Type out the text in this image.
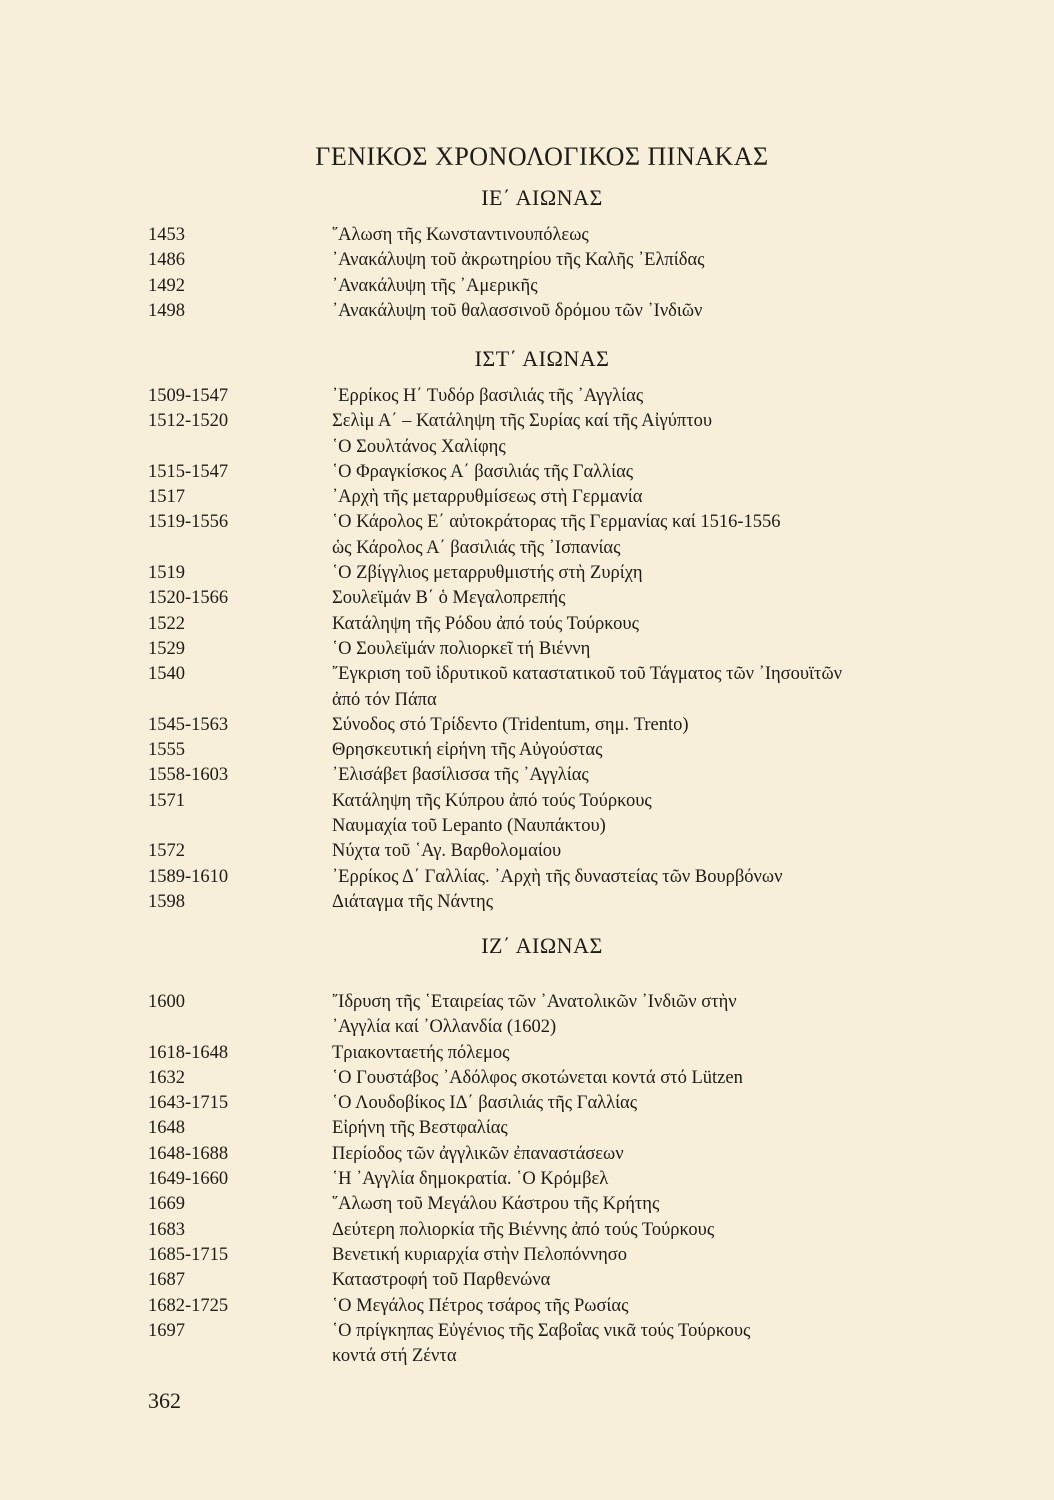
ΓΕΝΙΚΟΣ ΧΡΟΝΟΛΟΓΙΚΟΣ ΠΙΝΑΚΑΣ
ΙΕ΄ ΑΙΩΝΑΣ
1453	῞Αλωση τῆς Κωνσταντινουπόλεως
1486	᾿Ανακάλυψη τοῦ ἀκρωτηρίου τῆς Καλῆς ᾿Ελπίδας
1492	᾿Ανακάλυψη τῆς ᾿Αμερικῆς
1498	᾿Ανακάλυψη τοῦ θαλασσινοῦ δρόμου τῶν ᾿Ινδιῶν
ΙΣΤ΄ ΑΙΩΝΑΣ
1509-1547	᾿Ερρίκος Η΄ Τυδόρ βασιλιάς τῆς ᾿Αγγλίας
1512-1520	Σελὶμ Α΄ – Κατάληψη τῆς Συρίας καί τῆς Αἰγύπτου
῾Ο Σουλτάνος Χαλίφης
1515-1547	῾Ο Φραγκίσκος Α΄ βασιλιάς τῆς Γαλλίας
1517	᾿Αρχὴ τῆς μεταρρυθμίσεως στὴ Γερμανία
1519-1556	῾Ο Κάρολος Ε΄ αὐτοκράτορας τῆς Γερμανίας καί 1516-1556
ὡς Κάρολος Α΄ βασιλιάς τῆς ᾿Ισπανίας
1519	῾Ο Ζβίγγλιος μεταρρυθμιστής στὴ Ζυρίχη
1520-1566	Σουλεϊμάν Β΄ ὁ Μεγαλοπρεπής
1522	Κατάληψη τῆς Ρόδου ἀπό τούς Τούρκους
1529	῾Ο Σουλεϊμάν πολιορκεῖ τή Βιέννη
1540	῎Εγκριση τοῦ ἱδρυτικοῦ καταστατικοῦ τοῦ Τάγματος τῶν ᾿Ιησουϊτῶν
ἀπό τόν Πάπα
1545-1563	Σύνοδος στό Τρίδεντο (Tridentum, σημ. Trento)
1555	Θρησκευτική εἰρήνη τῆς Αὐγούστας
1558-1603	᾿Ελισάβετ βασίλισσα τῆς ᾿Αγγλίας
1571	Κατάληψη τῆς Κύπρου ἀπό τούς Τούρκους
Ναυμαχία τοῦ Lepanto (Ναυπάκτου)
1572	Νύχτα τοῦ ῾Αγ. Βαρθολομαίου
1589-1610	᾿Ερρίκος Δ΄ Γαλλίας. ᾿Αρχὴ τῆς δυναστείας τῶν Βουρβόνων
1598	Διάταγμα τῆς Νάντης
ΙΖ΄ ΑΙΩΝΑΣ
1600	῎Ιδρυση τῆς ῾Εταιρείας τῶν ᾿Ανατολικῶν ᾿Ινδιῶν στὴν
᾿Αγγλία καί ᾿Ολλανδία (1602)
1618-1648	Τριακονταετής πόλεμος
1632	῾Ο Γουστάβος ᾿Αδόλφος σκοτώνεται κοντά στό Lützen
1643-1715	῾Ο Λουδοβίκος ΙΔ΄ βασιλιάς τῆς Γαλλίας
1648	Εἰρήνη τῆς Βεστφαλίας
1648-1688	Περίοδος τῶν ἀγγλικῶν ἐπαναστάσεων
1649-1660	῾Η ᾿Αγγλία δημοκρατία. ῾Ο Κρόμβελ
1669	῞Αλωση τοῦ Μεγάλου Κάστρου τῆς Κρήτης
1683	Δεύτερη πολιορκία τῆς Βιέννης ἀπό τούς Τούρκους
1685-1715	Βενετική κυριαρχία στὴν Πελοπόννησο
1687	Καταστροφή τοῦ Παρθενώνα
1682-1725	῾Ο Μεγάλος Πέτρος τσάρος τῆς Ρωσίας
1697	῾Ο πρίγκηπας Εὐγένιος τῆς Σαβοΐας νικᾶ τούς Τούρκους
κοντά στή Ζέντα
362
